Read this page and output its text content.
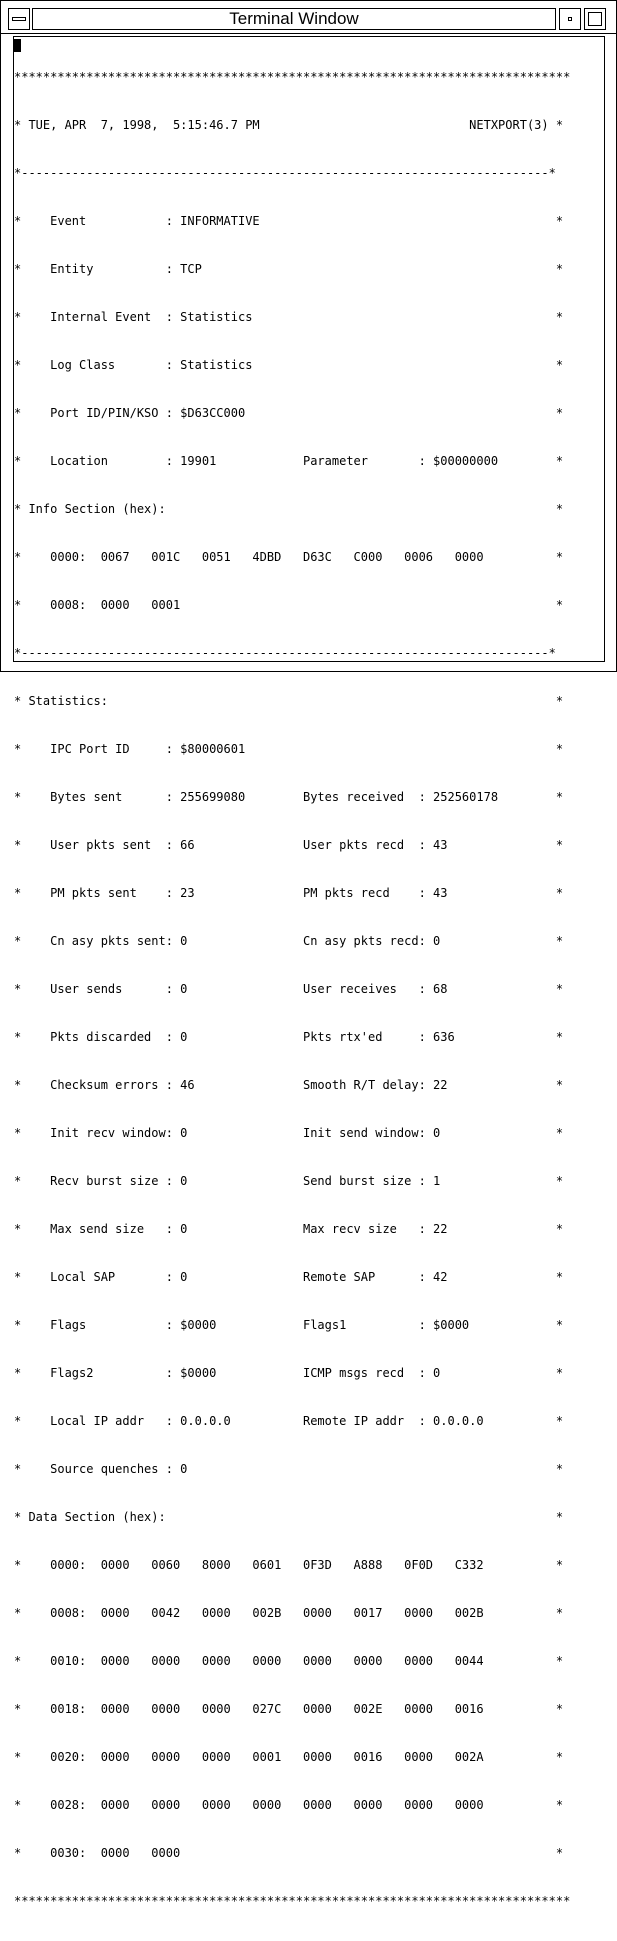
Terminal Window

*****************************************************************************

* TUE, APR  7, 1998,  5:15:46.7 PM                             NETXPORT(3) *

*-------------------------------------------------------------------------*

*    Event           : INFORMATIVE                                         *

*    Entity          : TCP                                                 *

*    Internal Event  : Statistics                                          *

*    Log Class       : Statistics                                          *

*    Port ID/PIN/KSO : $D63CC000                                           *

*    Location        : 19901            Parameter       : $00000000        *

* Info Section (hex):                                                      *

*    0000:  0067   001C   0051   4DBD   D63C   C000   0006   0000          *

*    0008:  0000   0001                                                    *

*-------------------------------------------------------------------------*

* Statistics:                                                              *

*    IPC Port ID     : $80000601                                           *

*    Bytes sent      : 255699080        Bytes received  : 252560178        *

*    User pkts sent  : 66               User pkts recd  : 43               *

*    PM pkts sent    : 23               PM pkts recd    : 43               *

*    Cn asy pkts sent: 0                Cn asy pkts recd: 0                *

*    User sends      : 0                User receives   : 68               *

*    Pkts discarded  : 0                Pkts rtx'ed     : 636              *

*    Checksum errors : 46               Smooth R/T delay: 22               *

*    Init recv window: 0                Init send window: 0                *

*    Recv burst size : 0                Send burst size : 1                *

*    Max send size   : 0                Max recv size   : 22               *

*    Local SAP       : 0                Remote SAP      : 42               *

*    Flags           : $0000            Flags1          : $0000            *

*    Flags2          : $0000            ICMP msgs recd  : 0                *

*    Local IP addr   : 0.0.0.0          Remote IP addr  : 0.0.0.0          *

*    Source quenches : 0                                                   *

* Data Section (hex):                                                      *

*    0000:  0000   0060   8000   0601   0F3D   A888   0F0D   C332          *

*    0008:  0000   0042   0000   002B   0000   0017   0000   002B          *

*    0010:  0000   0000   0000   0000   0000   0000   0000   0044          *

*    0018:  0000   0000   0000   027C   0000   002E   0000   0016          *

*    0020:  0000   0000   0000   0001   0000   0016   0000   002A          *

*    0028:  0000   0000   0000   0000   0000   0000   0000   0000          *

*    0030:  0000   0000                                                    *

*****************************************************************************
